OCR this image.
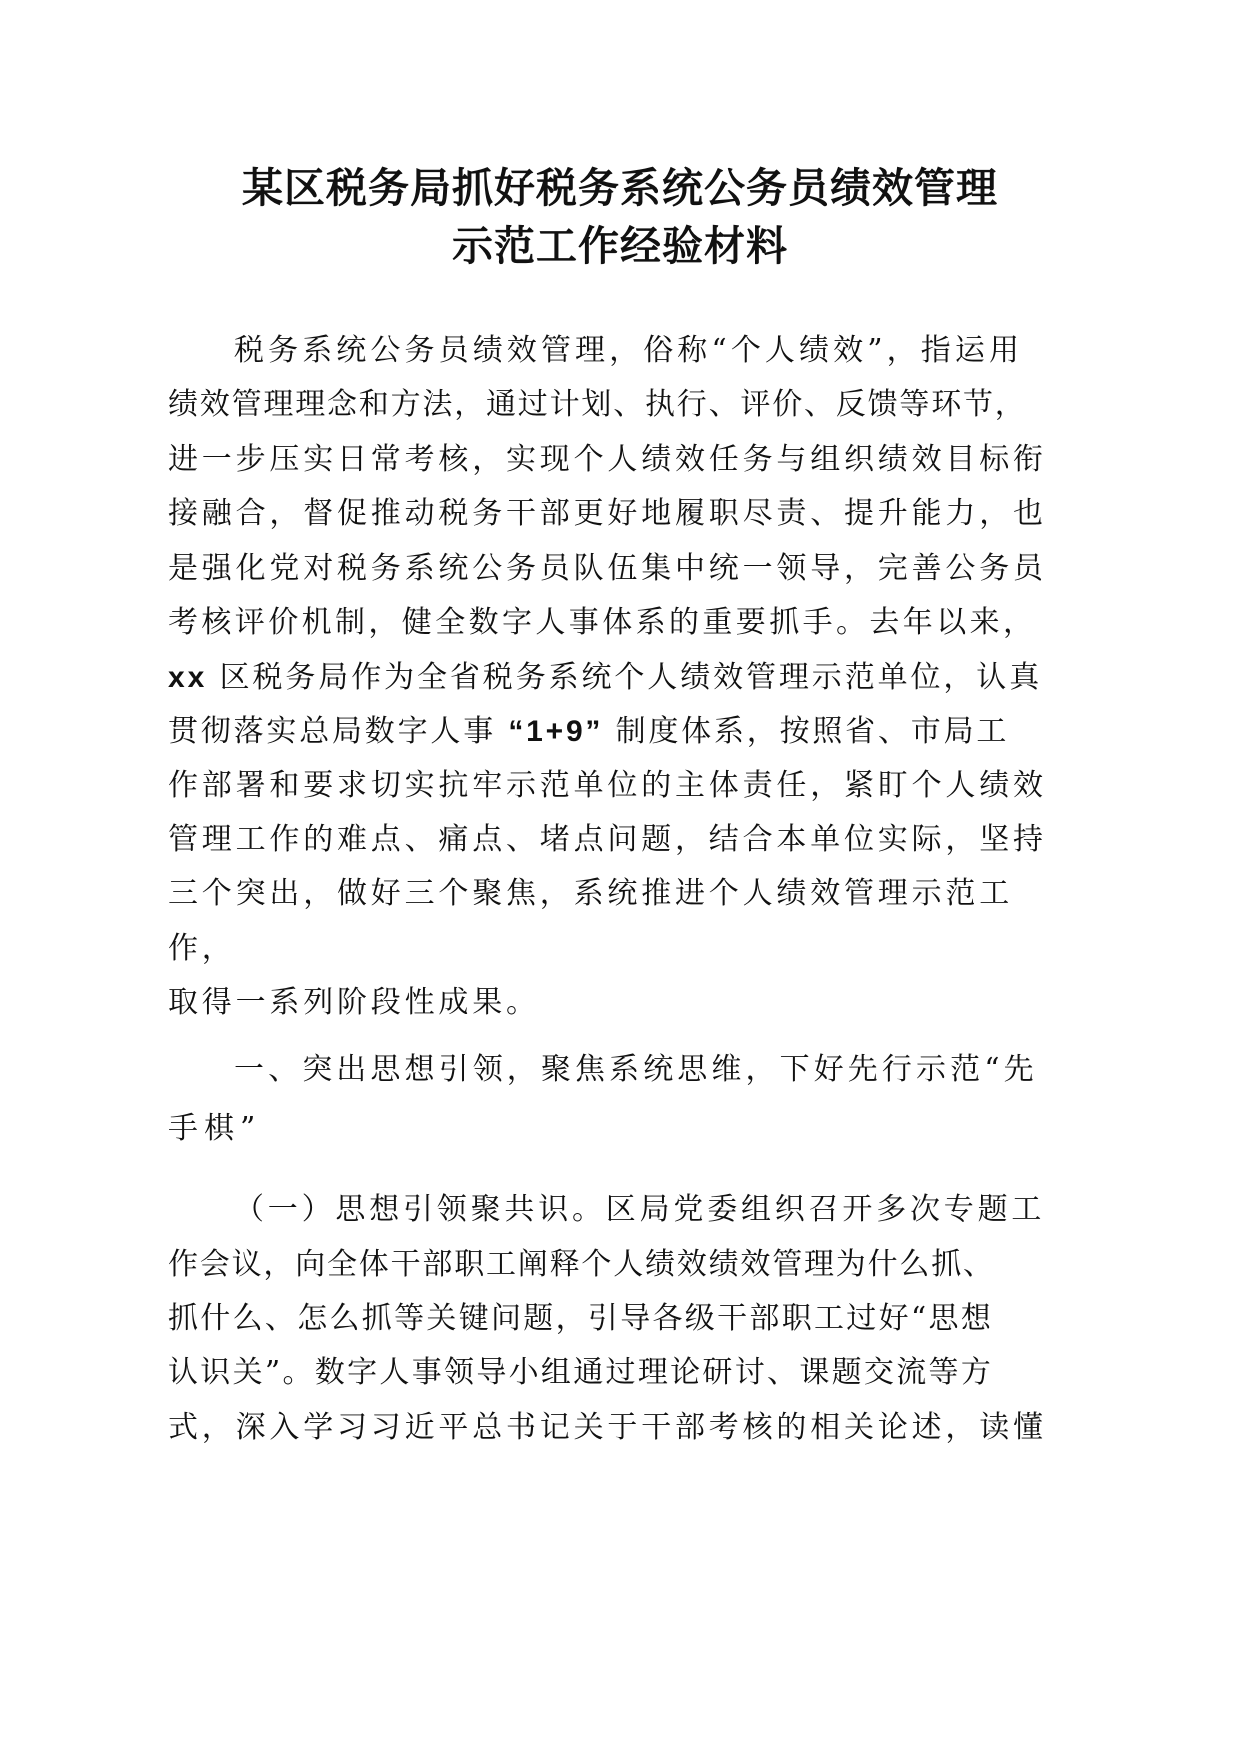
某区税务局抓好税务系统公务员绩效管理
示范工作经验材料
税务系统公务员绩效管理，俗称“个人绩效”，指运用
绩效管理理念和方法，通过计划、执行、评价、反馈等环节，
进一步压实日常考核，实现个人绩效任务与组织绩效目标衔
接融合，督促推动税务干部更好地履职尽责、提升能力，也
是强化党对税务系统公务员队伍集中统一领导，完善公务员
考核评价机制，健全数字人事体系的重要抓手。去年以来，
xx 区税务局作为全省税务系统个人绩效管理示范单位，认真
贯彻落实总局数字人事 “1+9” 制度体系，按照省、市局工
作部署和要求切实抗牢示范单位的主体责任，紧盯个人绩效
管理工作的难点、痛点、堵点问题，结合本单位实际，坚持
三个突出，做好三个聚焦，系统推进个人绩效管理示范工
作，
取得一系列阶段性成果。
一、突出思想引领，聚焦系统思维，下好先行示范“先
手棋”
（一）思想引领聚共识。区局党委组织召开多次专题工
作会议，向全体干部职工阐释个人绩效绩效管理为什么抓、
抓什么、怎么抓等关键问题，引导各级干部职工过好“思想
认识关”。数字人事领导小组通过理论研讨、课题交流等方
式，深入学习习近平总书记关于干部考核的相关论述，读懂
